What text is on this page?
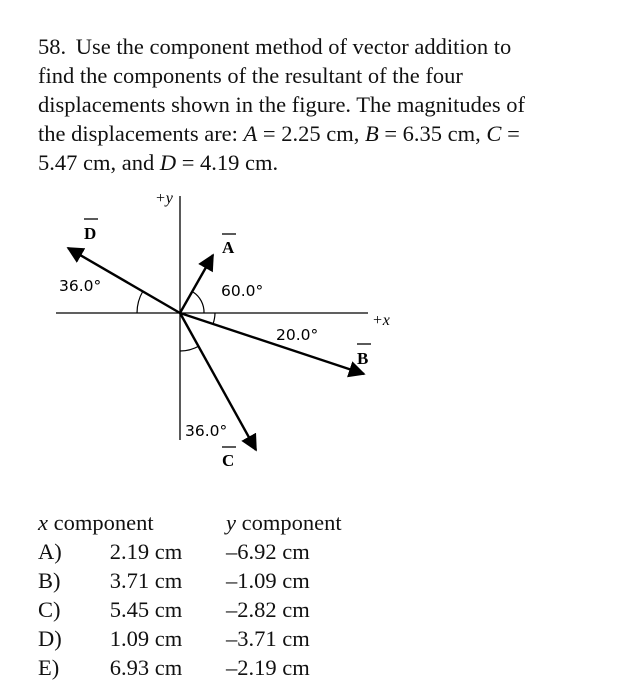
58. Use the component method of vector addition to
find the components of the resultant of the four
displacements shown in the figure. The magnitudes of
the displacements are: A = 2.25 cm, B = 6.35 cm, C =
5.47 cm, and D = 4.19 cm.
+y
+x
D
A
B
C
36.0°	60.0°
20.0°
36.0°
x component		y component
A)	2.19 cm	–6.92 cm
B)	3.71 cm	–1.09 cm
C)	5.45 cm	–2.82 cm
D)	1.09 cm	–3.71 cm
E)	6.93 cm	–2.19 cm
